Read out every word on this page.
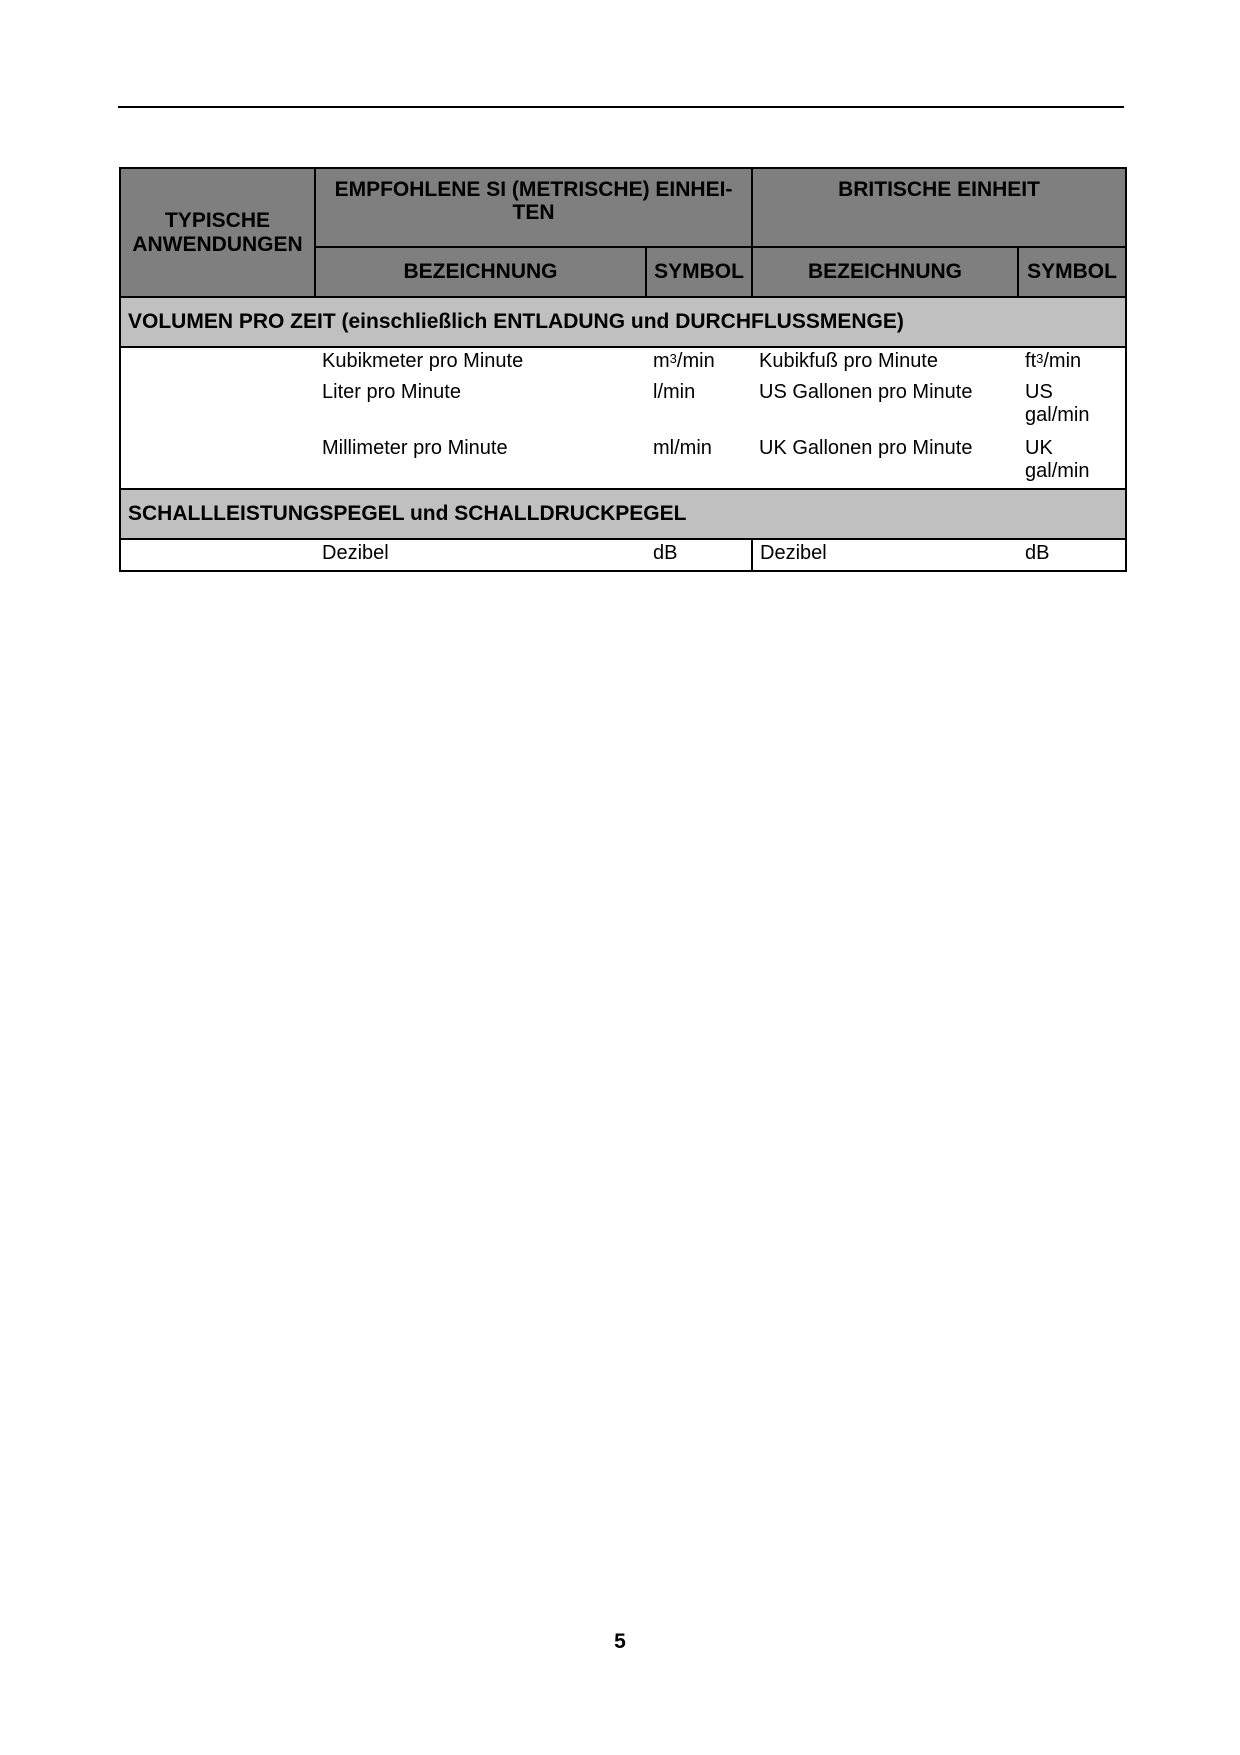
TYPISCHE ANWENDUNGEN	EMPFOHLENE SI (METRISCHE) EINHEI-TEN		BRITISCHE EINHEIT	
	BEZEICHNUNG	SYMBOL	BEZEICHNUNG	SYMBOL
VOLUMEN PRO ZEIT (einschließlich ENTLADUNG und DURCHFLUSSMENGE)				
	Kubikmeter pro Minute	$m^3/\min$	Kubikfuß pro Minute	$ft^3/\min$
	Liter pro Minute	l/min	US Gallonen pro Minute	US
gal/min

	Millimeter pro Minute	ml/min	UK Gallonen pro Minute	UK
gal/min

SCHALLLEISTUNGSPEGEL und SCHALLDRUCKPEGEL				
	Dezibel	dB	Dezibel	dB
5
